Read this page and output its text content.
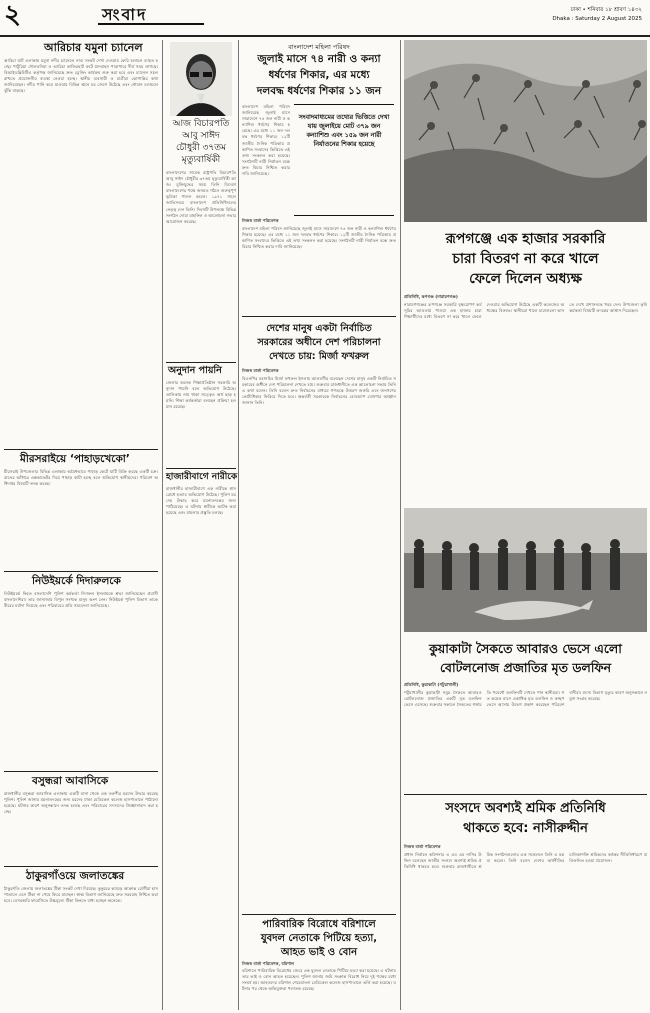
২	সংবাদ	ঢাকা • শনিবার ১৮ শ্রাবণ ১৪৩২
Dhaka : Saturday 2 August 2025
আরিচার যমুনা চ্যানেল
আরিচা ঘাট এলাকায় যমুনা নদীর চ্যানেলে নাব্য সংকট দেখা দেওয়ায় ফেরি চলাচল ব্যাহত হচ্ছে। পাটুরিয়া দৌলতদিয়া ও আরিচা কাজিরহাট রুটে যানবাহন পারাপারে দীর্ঘ সময় লাগছে। বিআইডব্লিউটিএ কর্তৃপক্ষ জানিয়েছে দ্রুত ড্রেজিং কার্যক্রম শুরু করা হবে এবং চ্যানেল সচল রাখতে প্রয়োজনীয় ব্যবস্থা নেওয়া হচ্ছে। স্থানীয় ব্যবসায়ী ও যাত্রীরা ভোগান্তির কথা জানিয়েছেন। নদীর পানি কমে যাওয়ায় বিভিন্ন স্থানে চর জেগে উঠেছে এবং নৌযান চলাচলে ঝুঁকি বাড়ছে।
মীরসরাইয়ে ‘পাহাড়খেকো’
মীরসরাই উপজেলার বিভিন্ন এলাকায় অবৈধভাবে পাহাড় কেটে মাটি বিক্রি করছে একটি চক্র। রাতের আঁধারে এক্সকাভেটর দিয়ে পাহাড় কাটা হচ্ছে বলে অভিযোগ স্থানীয়দের। পরিবেশ অধিদপ্তর বিষয়টি তদন্ত করছে।
নিউইয়র্কে দিদারুলকে
নিউইয়র্কে নিহত বাংলাদেশি পুলিশ কর্মকর্তা দিদারুল ইসলামকে শ্রদ্ধা জানিয়েছেন প্রবাসী বাংলাদেশিরা। তার জানাজায় বিপুল সংখ্যক মানুষ অংশ নেন। নিউইয়র্ক পুলিশ বিভাগ তাকে বীরের মর্যাদা দিয়েছে এবং পরিবারের প্রতি সমবেদনা জানিয়েছে।
বসুন্ধরা আবাসিকে
রাজধানীর বসুন্ধরা আবাসিক এলাকায় একটি বাসা থেকে এক তরুণীর মরদেহ উদ্ধার করেছে পুলিশ। পুলিশ জানায় ময়নাতদন্তের জন্য মরদেহ ঢাকা মেডিকেল কলেজ হাসপাতালে পাঠানো হয়েছে। ঘটনার কারণ অনুসন্ধানে তদন্ত চলছে এবং পরিবারের সদস্যদের জিজ্ঞাসাবাদ করা হচ্ছে।
ঠাকুরগাঁওয়ে জলাতঙ্কের
ঠাকুরগাঁও জেলায় জলাতঙ্কের টিকা সংকট দেখা দিয়েছে। কুকুরের কামড়ে আক্রান্ত রোগীরা হাসপাতালে এসে টিকা না পেয়ে ফিরে যাচ্ছেন। স্বাস্থ্য বিভাগ জানিয়েছে দ্রুত সরবরাহ নিশ্চিত করা হবে। বেসরকারি ফার্মেসিতে উচ্চমূল্যে টিকা কিনতে বাধ্য হচ্ছেন অনেকে।
আজ বিচারপতি
আবু সাঈদ
চৌধুরী ৩৭তম
মৃত্যুবার্ষিকী
বাংলাদেশের সাবেক রাষ্ট্রপতি বিচারপতি আবু সাঈদ চৌধুরীর ৩৭তম মৃত্যুবার্ষিকী আজ। মুক্তিযুদ্ধের সময় তিনি বিদেশে বাংলাদেশের পক্ষে জনমত গঠনে গুরুত্বপূর্ণ ভূমিকা পালন করেন। ১৯৭১ সালে জাতিসংঘে বাংলাদেশ প্রতিনিধিদলের নেতৃত্ব দেন তিনি। দিবসটি উপলক্ষে বিভিন্ন সংগঠন দোয়া মাহফিল ও আলোচনা সভার আয়োজন করেছে।
অনুদান পায়নি
জেলার অনেক শিক্ষাপ্রতিষ্ঠান সরকারি অনুদান পায়নি বলে অভিযোগ উঠেছে। তালিকায় নাম থাকা সত্ত্বেও অর্থ ছাড় হয়নি। শিক্ষা কর্মকর্তারা বলছেন প্রক্রিয়া চলমান রয়েছে।
হাজারীবাগে নারীকে
রাজধানীর হাজারীবাগে এক নারীকে শ্বাসরোধে হত্যার অভিযোগ উঠেছে। পুলিশ মরদেহ উদ্ধার করে ময়নাতদন্তের জন্য পাঠিয়েছে। এ ঘটনায় স্বামীকে আটক করা হয়েছে এবং মামলার প্রস্তুতি চলছে।
বাংলাদেশ মহিলা পরিষদ
জুলাই মাসে ৭৪ নারী ও কন্যা
ধর্ষণের শিকার, এর মধ্যে
দলবদ্ধ ধর্ষণের শিকার ১১ জন
বাংলাদেশ মহিলা পরিষদ জানিয়েছে জুলাই মাসে সারাদেশে ৭৪ জন নারী ও কন্যাশিশু ধর্ষণের শিকার হয়েছে। এর মধ্যে ১১ জন দলবদ্ধ ধর্ষণের শিকার। ১২টি জাতীয় দৈনিক পত্রিকায় প্রকাশিত সংবাদের ভিত্তিতে এই তথ্য সংকলন করা হয়েছে। সংগঠনটি নারী নির্যাতন বন্ধে দ্রুত বিচার নিশ্চিত করার দাবি জানিয়েছে।
সংবাদমাধ্যমের তথ্যের ভিত্তিতে দেখা যায় জুলাইয়ে মোট ৩৭৯ জন কন্যাশিশু এবং ১৫৯ জন নারী নির্যাতনের শিকার হয়েছে
নিজস্ব বার্তা পরিবেশক
বাংলাদেশ মহিলা পরিষদ জানিয়েছে জুলাই মাসে সারাদেশে ৭৪ জন নারী ও কন্যাশিশু ধর্ষণের শিকার হয়েছে। এর মধ্যে ১১ জন দলবদ্ধ ধর্ষণের শিকার। ১২টি জাতীয় দৈনিক পত্রিকায় প্রকাশিত সংবাদের ভিত্তিতে এই তথ্য সংকলন করা হয়েছে। সংগঠনটি নারী নির্যাতন বন্ধে দ্রুত বিচার নিশ্চিত করার দাবি জানিয়েছে।
দেশের মানুষ একটা নির্বাচিত
সরকারের অধীনে দেশ পরিচালনা
দেখতে চায়: মির্জা ফখরুল
নিজস্ব বার্তা পরিবেশক
বিএনপির মহাসচিব মির্জা ফখরুল ইসলাম আলমগীর বলেছেন দেশের মানুষ একটি নির্বাচিত সরকারের অধীনে দেশ পরিচালনা দেখতে চায়। শুক্রবার রাজধানীতে এক আলোচনা সভায় তিনি এ কথা বলেন। তিনি বলেন দ্রুত নির্বাচনের মাধ্যমে গণতন্ত্রে উত্তরণ জরুরি এবং জনগণের ভোটাধিকার ফিরিয়ে দিতে হবে। অন্তর্বর্তী সরকারকে নির্বাচনের রোডম্যাপ ঘোষণার আহ্বান জানান তিনি।
রূপগঞ্জে এক হাজার সরকারি
চারা বিতরণ না করে খালে
ফেলে দিলেন অধ্যক্ষ
প্রতিনিধি, রূপগঞ্জ (নারায়ণগঞ্জ)
নারায়ণগঞ্জের রূপগঞ্জে সরকারি বৃক্ষরোপণ কর্মসূচির আওতায় পাওয়া এক হাজার চারা শিক্ষার্থীদের মধ্যে বিতরণ না করে খালে ফেলে দেওয়ার অভিযোগ উঠেছে একটি কলেজের অধ্যক্ষের বিরুদ্ধে। স্থানীয়রা খালে চারাগুলো ভাসতে দেখে প্রশাসনকে খবর দেন। উপজেলা কৃষি কর্মকর্তা বিষয়টি তদন্তের আশ্বাস দিয়েছেন।
কুয়াকাটা সৈকতে আবারও ভেসে এলো
বোটলনোজ প্রজাতির মৃত ডলফিন
প্রতিনিধি, কুয়াকাটা (পটুয়াখালী)
পটুয়াখালীর কুয়াকাটা সমুদ্র সৈকতে আবারও বোটলনোজ প্রজাতির একটি মৃত ডলফিন ভেসে এসেছে। শুক্রবার সকালে সৈকতের গঙ্গামতি পয়েন্টে ডলফিনটি দেখতে পান স্থানীয়রা। গত কয়েক মাসে একাধিক মৃত ডলফিন ও কচ্ছপ ভেসে আসায় উদ্বেগ প্রকাশ করেছেন পরিবেশবাদীরা। মৎস্য বিভাগ মৃত্যুর কারণ অনুসন্ধানে নমুনা সংগ্রহ করেছে।
সংসদে অবশ্যই শ্রমিক প্রতিনিধি
থাকতে হবে: নাসীরুদ্দীন
নিজস্ব বার্তা পরিবেশক
প্রধান নির্বাচন কমিশনার এ এম এম নাসির উদ্দিন বলেছেন জাতীয় সংসদে অবশ্যই শ্রমিক প্রতিনিধি থাকতে হবে। শুক্রবার রাজধানীতে শ্রমিক সংগঠনগুলোর এক সম্মেলনে তিনি এ মন্তব্য করেন। তিনি বলেন দেশের অর্থনীতির চালিকাশক্তি শ্রমিকদের কণ্ঠস্বর নীতিনির্ধারণে প্রতিফলিত হওয়া প্রয়োজন।
পারিবারিক বিরোধে বরিশালে
যুবদল নেতাকে পিটিয়ে হত্যা,
আহত ভাই ও বোন
নিজস্ব বার্তা পরিবেশক, বরিশাল
বরিশালে পারিবারিক বিরোধের জেরে এক যুবদল নেতাকে পিটিয়ে হত্যা করা হয়েছে। এ ঘটনায় তার ভাই ও বোন আহত হয়েছেন। পুলিশ জানায় জমি সংক্রান্ত বিরোধ নিয়ে দুই পক্ষের মধ্যে সংঘর্ষ হয়। আহতদের বরিশাল শেরেবাংলা মেডিকেল কলেজ হাসপাতালে ভর্তি করা হয়েছে। ঘটনার পর থেকে অভিযুক্তরা পলাতক রয়েছে।
